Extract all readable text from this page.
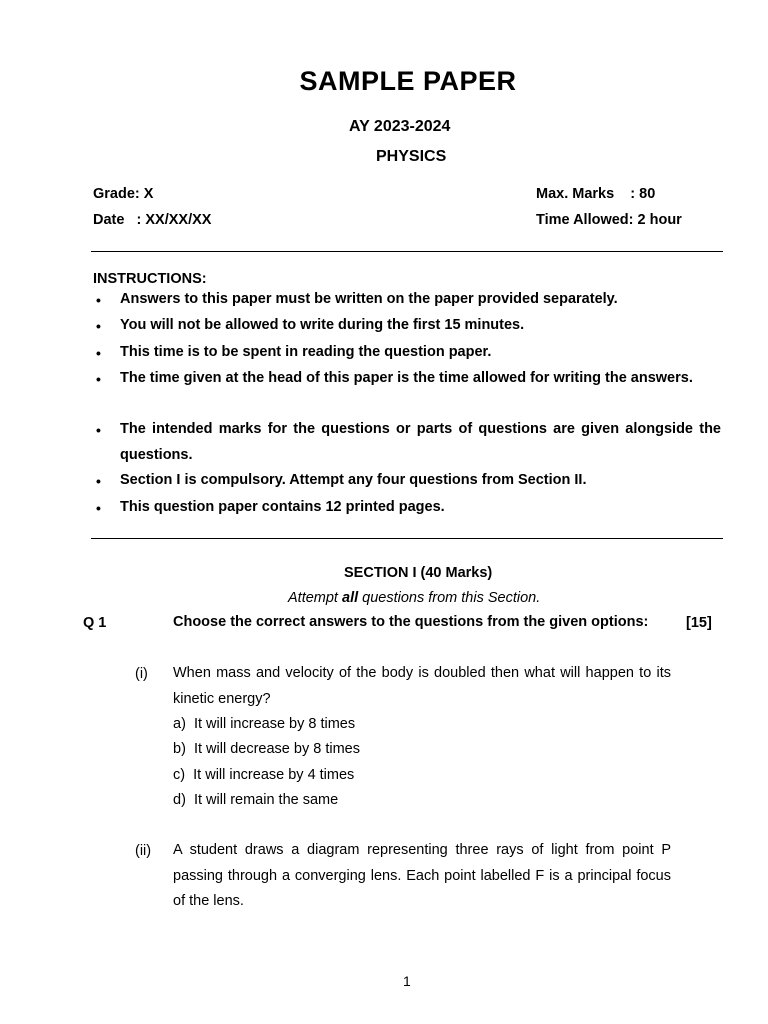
SAMPLE PAPER
AY 2023-2024
PHYSICS
Grade: X
Date   : XX/XX/XX
Max. Marks    : 80
Time Allowed: 2 hour
INSTRUCTIONS:
• Answers to this paper must be written on the paper provided separately.
• You will not be allowed to write during the first 15 minutes.
• This time is to be spent in reading the question paper.
• The time given at the head of this paper is the time allowed for writing the answers.
• The intended marks for the questions or parts of questions are given alongside the questions.
• Section I is compulsory. Attempt any four questions from Section II.
• This question paper contains 12 printed pages.
SECTION I (40 Marks)
Attempt all questions from this Section.
Q 1	Choose the correct answers to the questions from the given options:	[15]
(i) When mass and velocity of the body is doubled then what will happen to its kinetic energy?
a)  It will increase by 8 times
b)  It will decrease by 8 times
c)  It will increase by 4 times
d)  It will remain the same
(ii) A student draws a diagram representing three rays of light from point P passing through a converging lens. Each point labelled F is a principal focus of the lens.
1
